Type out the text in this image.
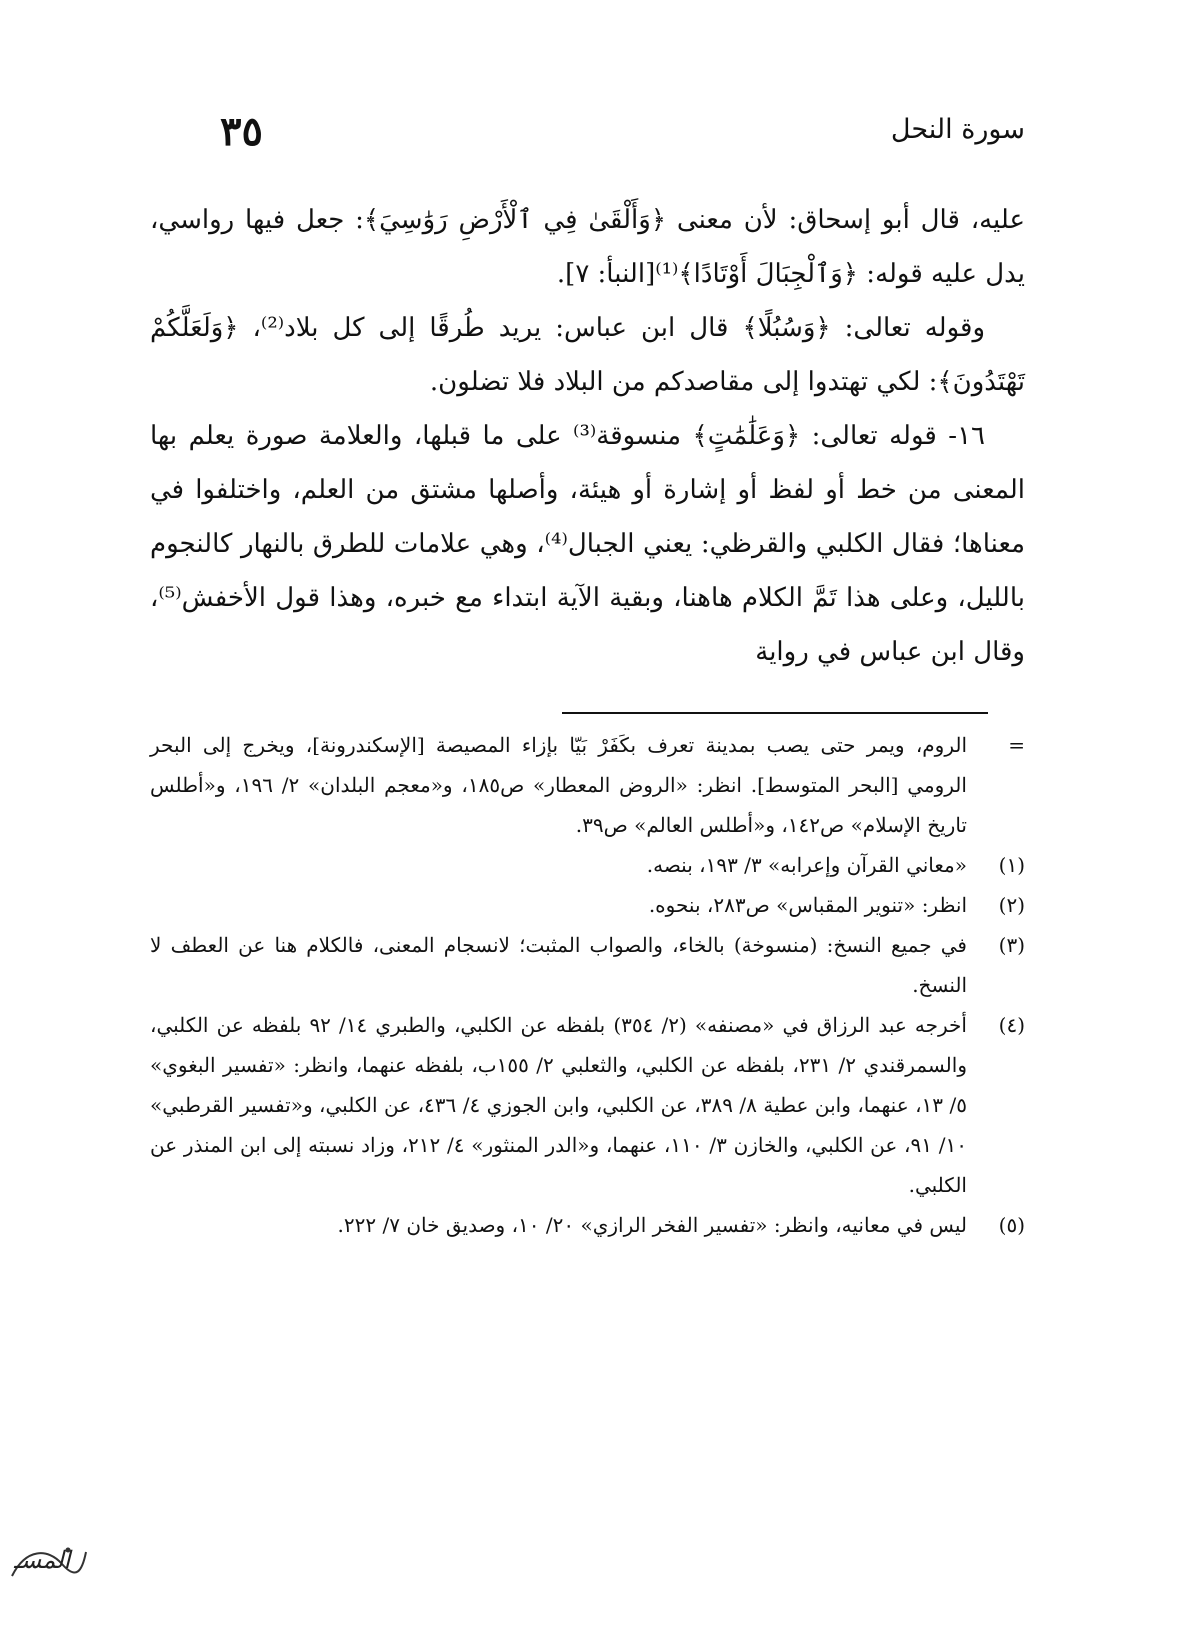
سورة النحل
٣٥

عليه، قال أبو إسحاق: لأن معنى ﴿وَأَلْقَىٰ فِي ٱلْأَرْضِ رَوَٰسِيَ﴾: جعل فيها رواسي، يدل عليه قوله: ﴿وَٱلْجِبَالَ أَوْتَادًا﴾⁽¹⁾[النبأ: ٧].

وقوله تعالى: ﴿وَسُبُلًا﴾ قال ابن عباس: يريد طُرقًا إلى كل بلاد⁽²⁾، ﴿وَلَعَلَّكُمْ تَهْتَدُونَ﴾: لكي تهتدوا إلى مقاصدكم من البلاد فلا تضلون.

١٦- قوله تعالى: ﴿وَعَلَٰمَٰتٍ﴾ منسوقة⁽³⁾ على ما قبلها، والعلامة صورة يعلم بها المعنى من خط أو لفظ أو إشارة أو هيئة، وأصلها مشتق من العلم، واختلفوا في معناها؛ فقال الكلبي والقرظي: يعني الجبال⁽⁴⁾، وهي علامات للطرق بالنهار كالنجوم بالليل، وعلى هذا تَمَّ الكلام هاهنا، وبقية الآية ابتداء مع خبره، وهذا قول الأخفش⁽⁵⁾، وقال ابن عباس في رواية

=
الروم، ويمر حتى يصب بمدينة تعرف بكَفَرْ بَيّا بإزاء المصيصة [الإسكندرونة]، ويخرج إلى البحر الرومي [البحر المتوسط]. انظر: «الروض المعطار» ص١٨٥، و«معجم البلدان» ٢/ ١٩٦، و«أطلس تاريخ الإسلام» ص١٤٢، و«أطلس العالم» ص٣٩.
(١)
«معاني القرآن وإعرابه» ٣/ ١٩٣، بنصه.
(٢)
انظر: «تنوير المقباس» ص٢٨٣، بنحوه.
(٣)
في جميع النسخ: (منسوخة) بالخاء، والصواب المثبت؛ لانسجام المعنى، فالكلام هنا عن العطف لا النسخ.
(٤)
أخرجه عبد الرزاق في «مصنفه» (٢/ ٣٥٤) بلفظه عن الكلبي، والطبري ١٤/ ٩٢ بلفظه عن الكلبي، والسمرقندي ٢/ ٢٣١، بلفظه عن الكلبي، والثعلبي ٢/ ١٥٥ب، بلفظه عنهما، وانظر: «تفسير البغوي» ٥/ ١٣، عنهما، وابن عطية ٨/ ٣٨٩، عن الكلبي، وابن الجوزي ٤/ ٤٣٦، عن الكلبي، و«تفسير القرطبي» ١٠/ ٩١، عن الكلبي، والخازن ٣/ ١١٠، عنهما، و«الدر المنثور» ٤/ ٢١٢، وزاد نسبته إلى ابن المنذر عن الكلبي.
(٥)
ليس في معانيه، وانظر: «تفسير الفخر الرازي» ٢٠/ ١٠، وصديق خان ٧/ ٢٢٢.
المسـ
